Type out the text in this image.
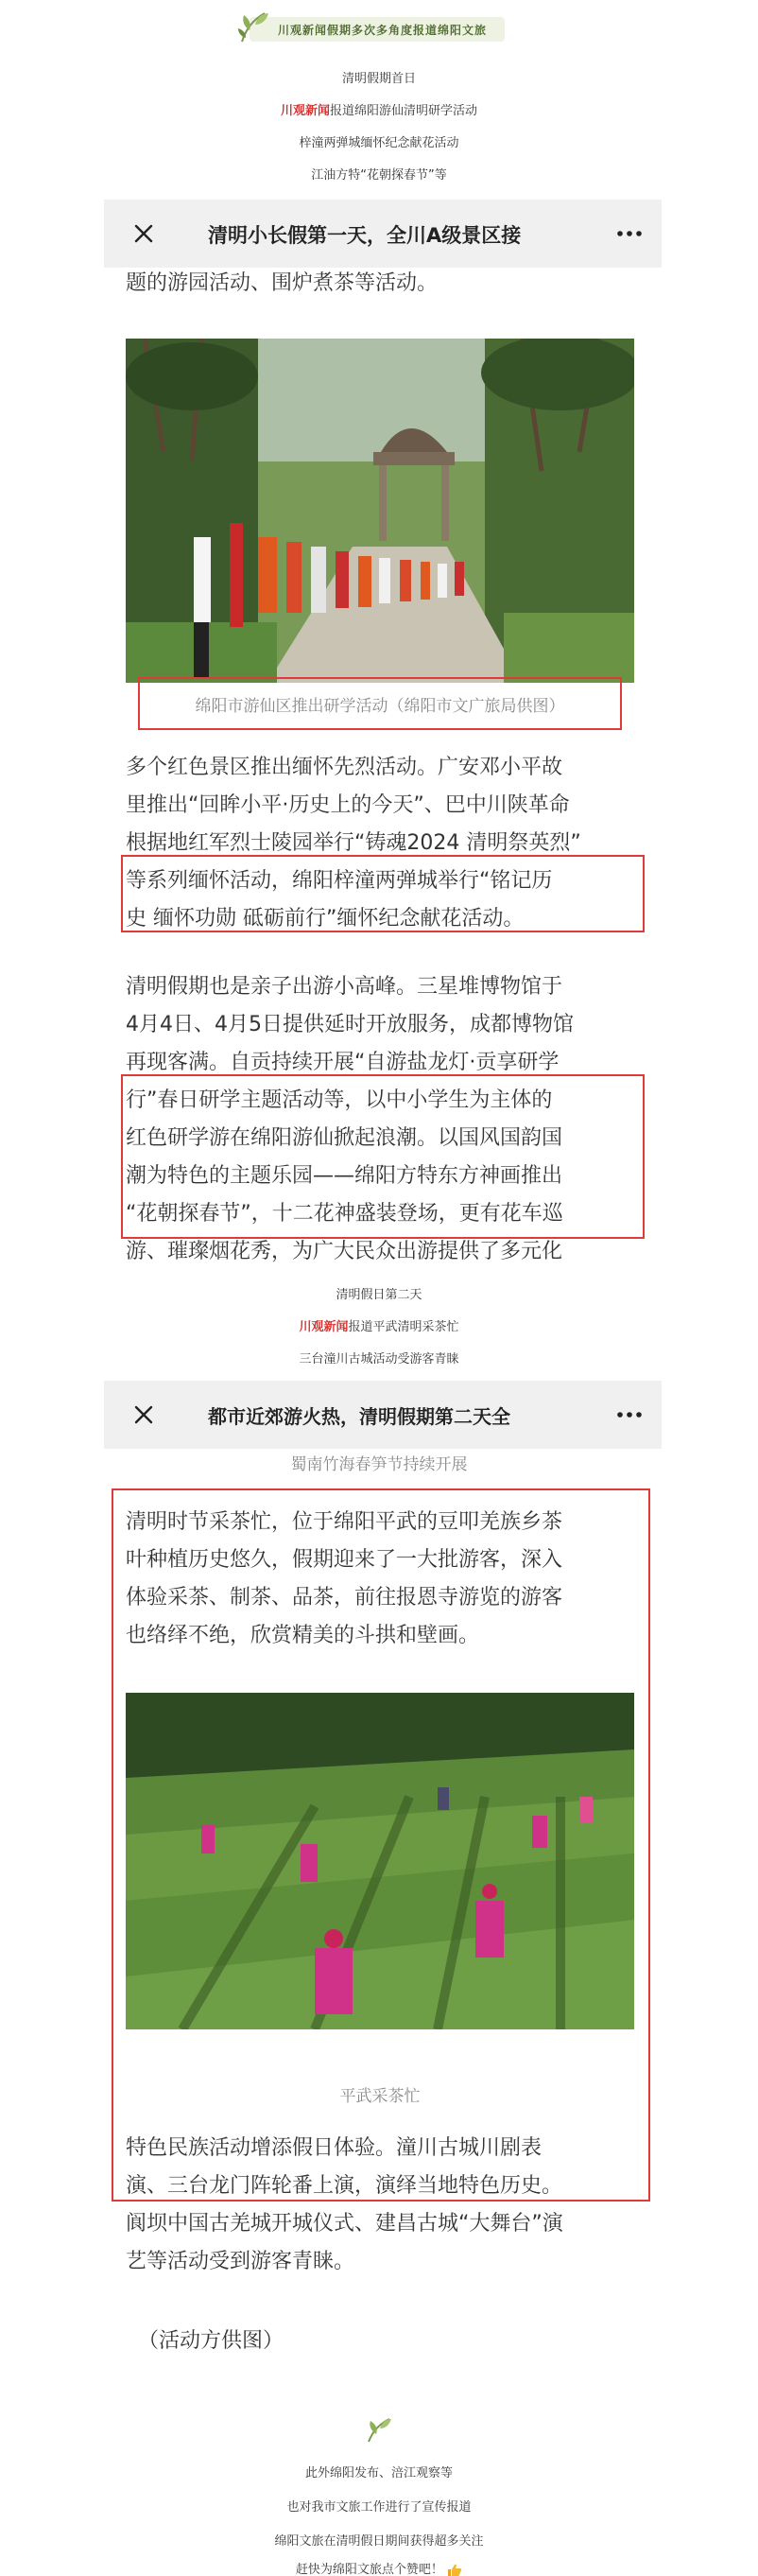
川观新闻假期多次多角度报道绵阳文旅
清明假期首日
川观新闻报道绵阳游仙清明研学活动
梓潼两弹城缅怀纪念献花活动
江油方特“花朝探春节”等
清明小长假第一天，全川A级景区接
题的游园活动、围炉煮茶等活动。
绵阳市游仙区推出研学活动（绵阳市文广旅局供图）
多个红色景区推出缅怀先烈活动。广安邓小平故
里推出“回眸小平·历史上的今天”、巴中川陕革命
根据地红军烈士陵园举行“铸魂2024 清明祭英烈”
等系列缅怀活动，绵阳梓潼两弹城举行“铭记历
史 缅怀功勋 砥砺前行”缅怀纪念献花活动。
清明假期也是亲子出游小高峰。三星堆博物馆于
4月4日、4月5日提供延时开放服务，成都博物馆
再现客满。自贡持续开展“自游盐龙灯·贡享研学
行”春日研学主题活动等，以中小学生为主体的
红色研学游在绵阳游仙掀起浪潮。以国风国韵国
潮为特色的主题乐园——绵阳方特东方神画推出
“花朝探春节”，十二花神盛装登场，更有花车巡
游、璀璨烟花秀，为广大民众出游提供了多元化
清明假日第二天
川观新闻报道平武清明采茶忙
三台潼川古城活动受游客青睐
都市近郊游火热，清明假期第二天全
蜀南竹海春笋节持续开展
清明时节采茶忙，位于绵阳平武的豆叩羌族乡茶
叶种植历史悠久，假期迎来了一大批游客，深入
体验采茶、制茶、品茶，前往报恩寺游览的游客
也络绎不绝，欣赏精美的斗拱和壁画。
平武采茶忙
特色民族活动增添假日体验。潼川古城川剧表
演、三台龙门阵轮番上演，演绎当地特色历史。
阆坝中国古羌城开城仪式、建昌古城“大舞台”演
艺等活动受到游客青睐。
（活动方供图）
此外绵阳发布、涪江观察等
也对我市文旅工作进行了宣传报道
绵阳文旅在清明假日期间获得超多关注
赶快为绵阳文旅点个赞吧！
